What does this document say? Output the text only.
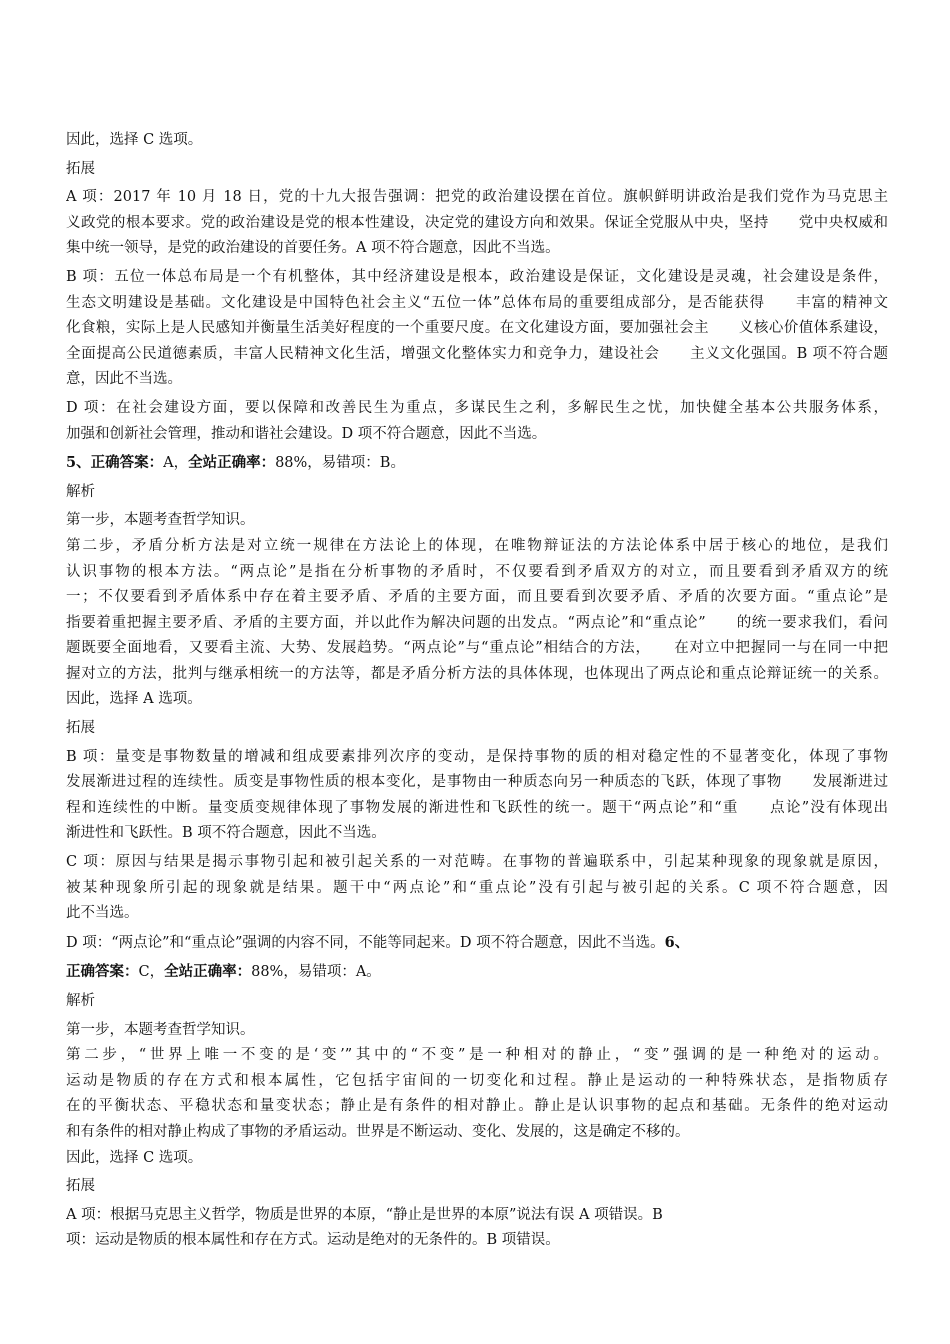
因此，选择 C 选项。
拓展
A 项：2017 年 10 月 18 日，党的十九大报告强调：把党的政治建设摆在首位。旗帜鲜明讲政治是我们党作为马克思主
义政党的根本要求。党的政治建设是党的根本性建设，决定党的建设方向和效果。保证全党服从中央，坚持　　党中央权威和
集中统一领导，是党的政治建设的首要任务。A 项不符合题意，因此不当选。
B 项：五位一体总布局是一个有机整体，其中经济建设是根本，政治建设是保证，文化建设是灵魂，社会建设是条件，
生态文明建设是基础。文化建设是中国特色社会主义“五位一体”总体布局的重要组成部分，是否能获得　　丰富的精神文
化食粮，实际上是人民感知并衡量生活美好程度的一个重要尺度。在文化建设方面，要加强社会主　　义核心价值体系建设，
全面提高公民道德素质，丰富人民精神文化生活，增强文化整体实力和竞争力，建设社会　　主义文化强国。B 项不符合题
意，因此不当选。
D 项：在社会建设方面，要以保障和改善民生为重点，多谋民生之利，多解民生之忧，加快健全基本公共服务体系，
加强和创新社会管理，推动和谐社会建设。D 项不符合题意，因此不当选。
5、正确答案：A，全站正确率：88%，易错项：B。
解析
第一步，本题考查哲学知识。
第二步，矛盾分析方法是对立统一规律在方法论上的体现，在唯物辩证法的方法论体系中居于核心的地位，是我们
认识事物的根本方法。“两点论”是指在分析事物的矛盾时，不仅要看到矛盾双方的对立，而且要看到矛盾双方的统
一；不仅要看到矛盾体系中存在着主要矛盾、矛盾的主要方面，而且要看到次要矛盾、矛盾的次要方面。“重点论”是
指要着重把握主要矛盾、矛盾的主要方面，并以此作为解决问题的出发点。“两点论”和“重点论”　　的统一要求我们，看问
题既要全面地看，又要看主流、大势、发展趋势。“两点论”与“重点论”相结合的方法，　　在对立中把握同一与在同一中把
握对立的方法，批判与继承相统一的方法等，都是矛盾分析方法的具体体现，也体现出了两点论和重点论辩证统一的关系。
因此，选择 A 选项。
拓展
B 项：量变是事物数量的增减和组成要素排列次序的变动，是保持事物的质的相对稳定性的不显著变化，体现了事物
发展渐进过程的连续性。质变是事物性质的根本变化，是事物由一种质态向另一种质态的飞跃，体现了事物　　发展渐进过
程和连续性的中断。量变质变规律体现了事物发展的渐进性和飞跃性的统一。题干“两点论”和“重　　点论”没有体现出
渐进性和飞跃性。B 项不符合题意，因此不当选。
C 项：原因与结果是揭示事物引起和被引起关系的一对范畴。在事物的普遍联系中，引起某种现象的现象就是原因，
被某种现象所引起的现象就是结果。题干中“两点论”和“重点论”没有引起与被引起的关系。C 项不符合题意，因
此不当选。
D 项：“两点论”和“重点论”强调的内容不同，不能等同起来。D 项不符合题意，因此不当选。6、
正确答案：C，全站正确率：88%，易错项：A。
解析
第一步，本题考查哲学知识。
第二步，“世界上唯一不变的是‘变’”其中的“不变”是一种相对的静止，“变”强调的是一种绝对的运动。
运动是物质的存在方式和根本属性，它包括宇宙间的一切变化和过程。静止是运动的一种特殊状态，是指物质存
在的平衡状态、平稳状态和量变状态；静止是有条件的相对静止。静止是认识事物的起点和基础。无条件的绝对运动
和有条件的相对静止构成了事物的矛盾运动。世界是不断运动、变化、发展的，这是确定不移的。
因此，选择 C 选项。
拓展
A 项：根据马克思主义哲学，物质是世界的本原，“静止是世界的本原”说法有误 A 项错误。B
项：运动是物质的根本属性和存在方式。运动是绝对的无条件的。B 项错误。
